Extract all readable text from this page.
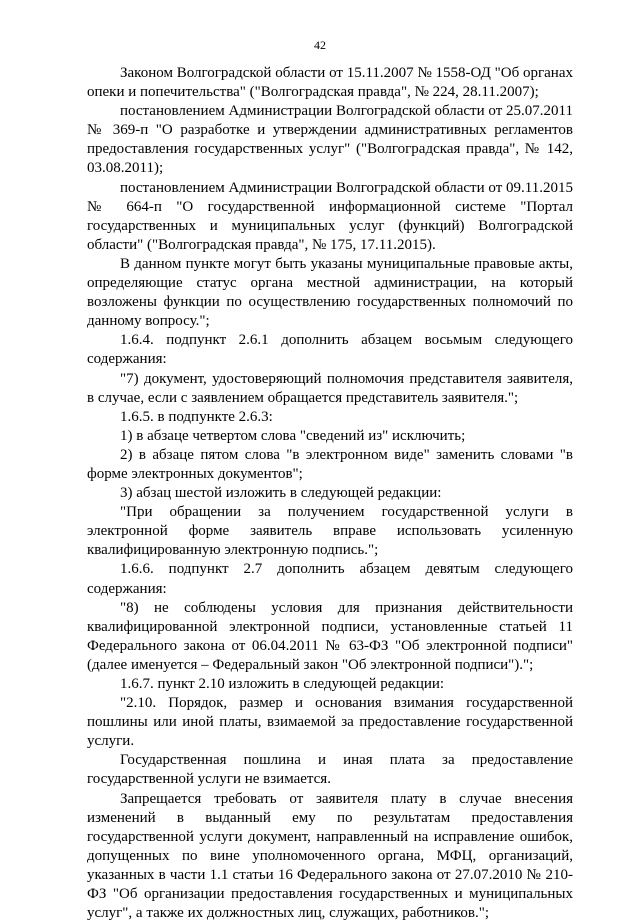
42

Законом Волгоградской области от 15.11.2007 № 1558-ОД "Об органах опеки и попечительства" ("Волгоградская правда", № 224, 28.11.2007);

постановлением Администрации Волгоградской области от 25.07.2011 № 369-п "О разработке и утверждении административных регламентов предоставления государственных услуг" ("Волгоградская правда", № 142, 03.08.2011);

постановлением Администрации Волгоградской области от 09.11.2015 № 664-п "О государственной информационной системе "Портал государственных и муниципальных услуг (функций) Волгоградской области" ("Волгоградская правда", № 175, 17.11.2015).

В данном пункте могут быть указаны муниципальные правовые акты, определяющие статус органа местной администрации, на который возложены функции по осуществлению государственных полномочий по данному вопросу.";

1.6.4. подпункт 2.6.1 дополнить абзацем восьмым следующего содержания:

"7) документ, удостоверяющий полномочия представителя заявителя, в случае, если с заявлением обращается представитель заявителя.";

1.6.5. в подпункте 2.6.3:

1) в абзаце четвертом слова "сведений из" исключить;

2) в абзаце пятом слова "в электронном виде" заменить словами "в форме электронных документов";

3) абзац шестой изложить в следующей редакции:

"При обращении за получением государственной услуги в электронной форме заявитель вправе использовать усиленную квалифицированную электронную подпись.";

1.6.6. подпункт 2.7 дополнить абзацем девятым следующего содержания:

"8) не соблюдены условия для признания действительности квалифицированной электронной подписи, установленные статьей 11 Федерального закона от 06.04.2011 № 63-ФЗ "Об электронной подписи" (далее именуется – Федеральный закон "Об электронной подписи").";

1.6.7. пункт 2.10 изложить в следующей редакции:

"2.10. Порядок, размер и основания взимания государственной пошлины или иной платы, взимаемой за предоставление государственной услуги.

Государственная пошлина и иная плата за предоставление государственной услуги не взимается.

Запрещается требовать от заявителя плату в случае внесения изменений в выданный ему по результатам предоставления государственной услуги документ, направленный на исправление ошибок, допущенных по вине уполномоченного органа, МФЦ, организаций, указанных в части 1.1 статьи 16 Федерального закона от 27.07.2010 № 210-ФЗ "Об организации предоставления государственных и муниципальных услуг", а также их должностных лиц, служащих, работников.";
